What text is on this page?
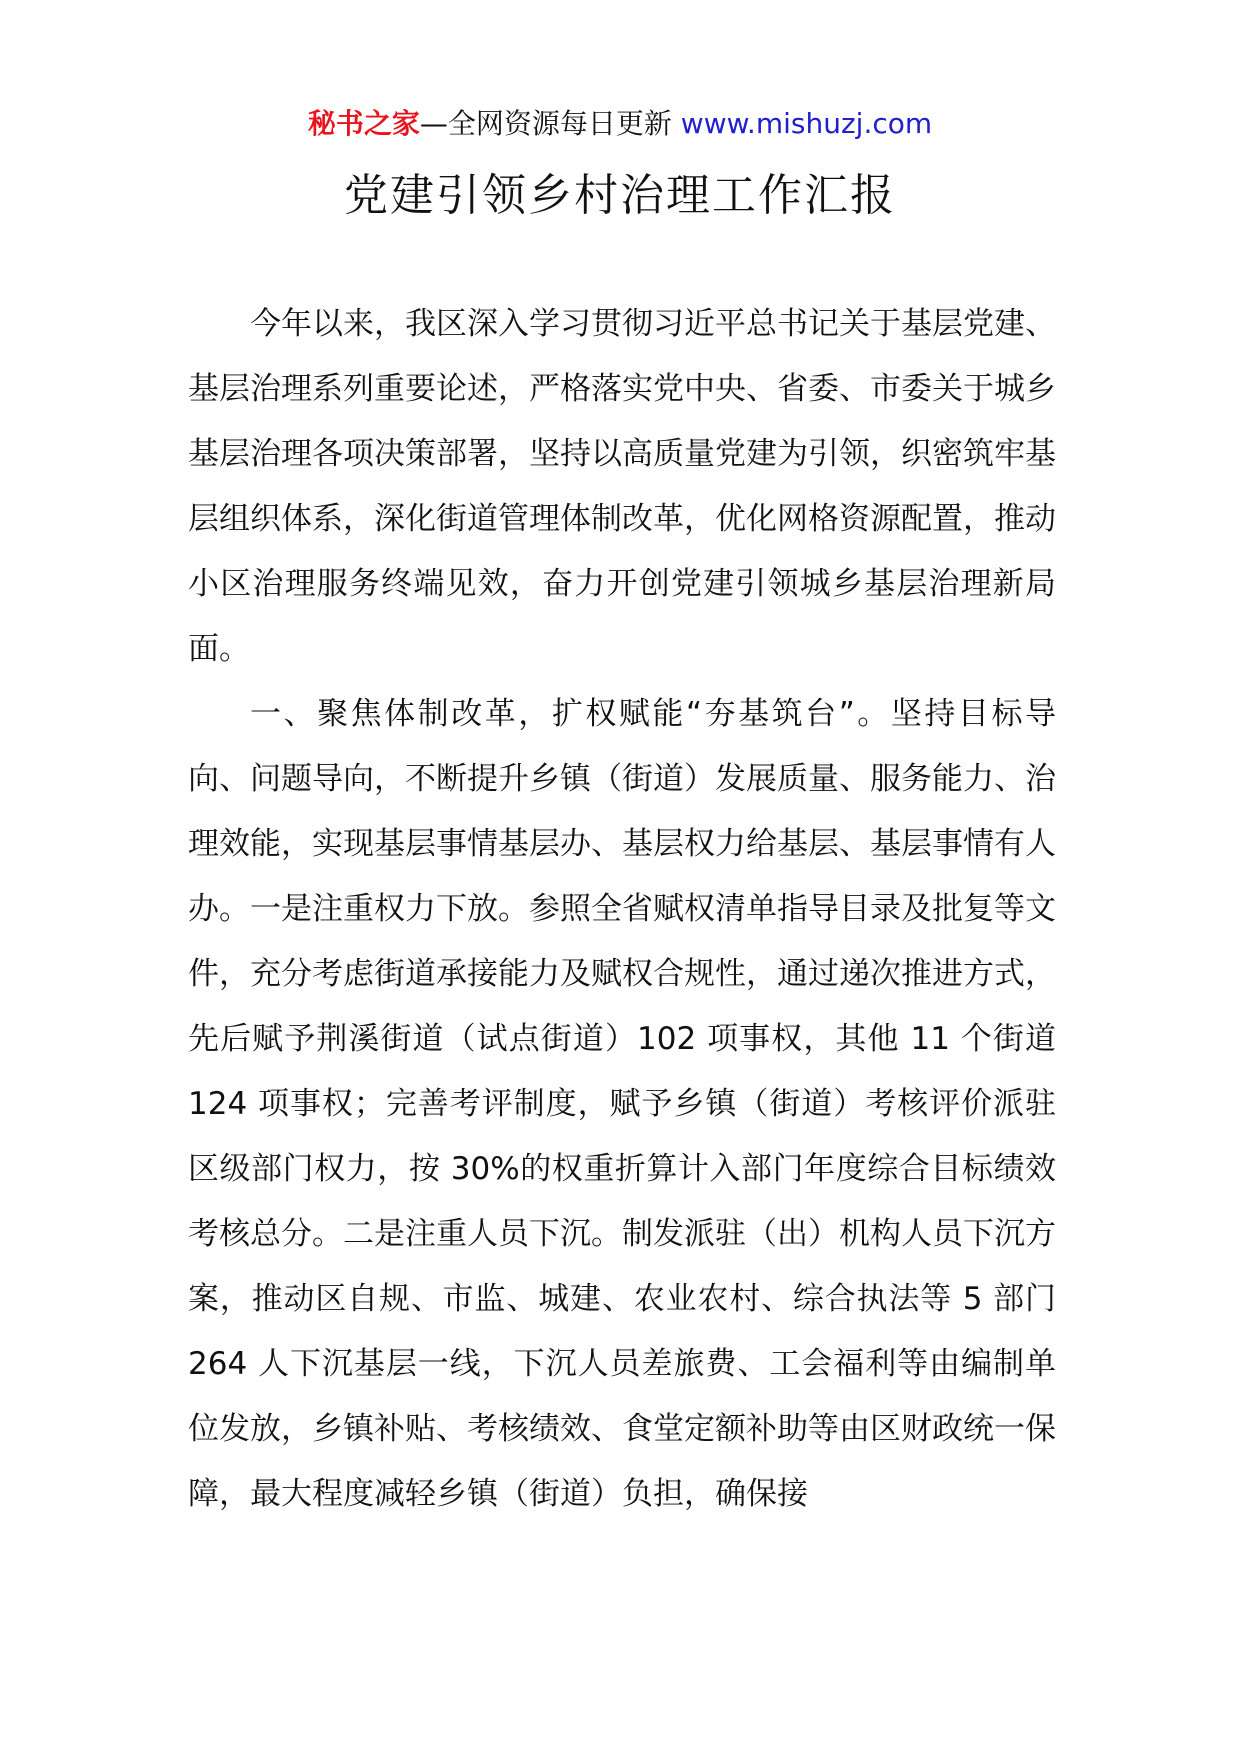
秘书之家—全网资源每日更新 www.mishuzj.com
党建引领乡村治理工作汇报

今年以来，我区深入学习贯彻习近平总书记关于基层党建、基层治理系列重要论述，严格落实党中央、省委、市委关于城乡基层治理各项决策部署，坚持以高质量党建为引领，织密筑牢基层组织体系，深化街道管理体制改革，优化网格资源配置，推动小区治理服务终端见效，奋力开创党建引领城乡基层治理新局面。

一、聚焦体制改革，扩权赋能“夯基筑台”。坚持目标导向、问题导向，不断提升乡镇（街道）发展质量、服务能力、治理效能，实现基层事情基层办、基层权力给基层、基层事情有人办。一是注重权力下放。参照全省赋权清单指导目录及批复等文件，充分考虑街道承接能力及赋权合规性，通过递次推进方式，先后赋予荆溪街道（试点街道）102 项事权，其他 11 个街道 124 项事权；完善考评制度，赋予乡镇（街道）考核评价派驻区级部门权力，按 30%的权重折算计入部门年度综合目标绩效考核总分。二是注重人员下沉。制发派驻（出）机构人员下沉方案，推动区自规、市监、城建、农业农村、综合执法等 5 部门 264 人下沉基层一线，下沉人员差旅费、工会福利等由编制单位发放，乡镇补贴、考核绩效、食堂定额补助等由区财政统一保障，最大程度减轻乡镇（街道）负担，确保接
